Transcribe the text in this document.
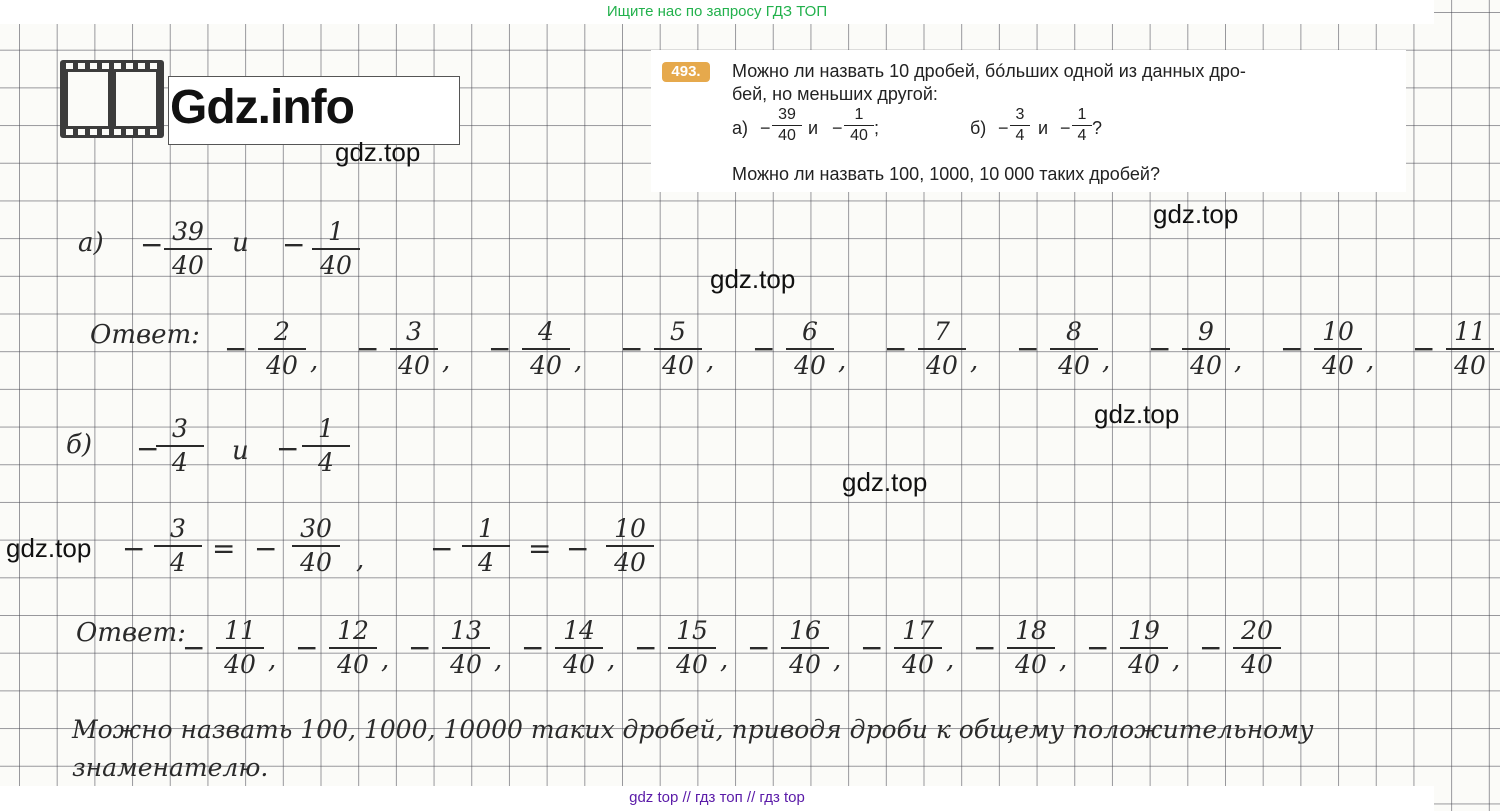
Ищите нас по запросу ГДЗ ТОП
Gdz.info
493.	Можно ли назвать 10 дробей, бóльших одной из данных дро-
бей, но меньших другой:
а) −
39
40 и −
1
40 ;	б) −
3
4 и −
1
4 ?
Можно ли назвать 100, 1000, 10 000 таких дробей?
gdz.top
gdz.top
gdz.top
gdz.top
gdz.top
gdz.top
а) − 39
40
и − 1
40
Ответ: −
2
40 , −
3
40 , −
4
40 , −
5
40 , −
6
40 , −
7
40 , −
8
40 , −
9
40 , −
10
40 , −
11
40
б) −
3
4	и −
1
4
−
3
4 = −
30
40 , −
1
4	= −
10
40
Ответ:
−
11
40 , −
12
40 , −
13
40 , −
14
40 , −
15
40 , −
16
40 , −
17
40 , −
18
40 , −
19
40 , −
20
40
Можно назвать 100, 1000, 10000 таких дробей, приводя дроби к общему положительному
знаменателю.
gdz top // гдз топ // гдз top
